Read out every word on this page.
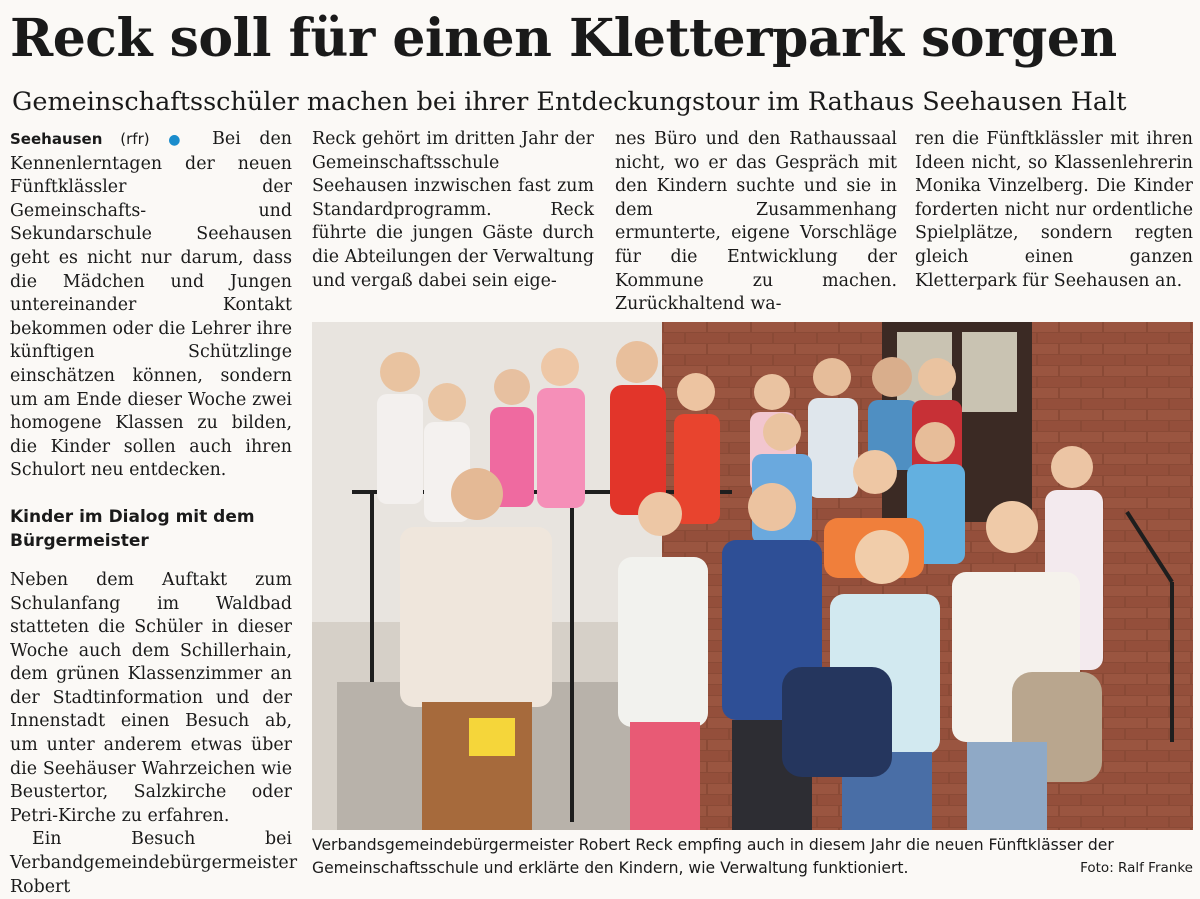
Reck soll für einen Kletterpark sorgen
Gemeinschaftsschüler machen bei ihrer Entdeckungstour im Rathaus Seehausen Halt

Seehausen (rfr) ● Bei den Kennenlerntagen der neuen Fünftklässler der Gemeinschafts- und Sekundarschule Seehausen geht es nicht nur darum, dass die Mädchen und Jungen untereinander Kontakt bekommen oder die Lehrer ihre künftigen Schützlinge einschätzen können, sondern um am Ende dieser Woche zwei homogene Klassen zu bilden, die Kinder sollen auch ihren Schulort neu entdecken.

Kinder im Dialog mit dem Bürgermeister

Neben dem Auftakt zum Schulanfang im Waldbad statteten die Schüler in dieser Woche auch dem Schillerhain, dem grünen Klassenzimmer an der Stadtinformation und der Innenstadt einen Besuch ab, um unter anderem etwas über die Seehäuser Wahrzeichen wie Beustertor, Salzkirche oder Petri-Kirche zu erfahren.

Ein Besuch bei Verbandgemeindebürgermeister Robert

Reck gehört im dritten Jahr der Gemeinschaftsschule Seehausen inzwischen fast zum Standardprogramm. Reck führte die jungen Gäste durch die Abteilungen der Verwaltung und vergaß dabei sein eige-

nes Büro und den Rathaussaal nicht, wo er das Gespräch mit den Kindern suchte und sie in dem Zusammenhang ermunterte, eigene Vorschläge für die Entwicklung der Kommune zu machen. Zurückhaltend wa-

ren die Fünftklässler mit ihren Ideen nicht, so Klassenlehrerin Monika Vinzelberg. Die Kinder forderten nicht nur ordentliche Spielplätze, sondern regten gleich einen ganzen Kletterpark für Seehausen an.

Verbandsgemeindebürgermeister Robert Reck empfing auch in diesem Jahr die neuen Fünftklässer der Gemeinschaftsschule und erklärte den Kindern, wie Verwaltung funktioniert.	Foto: Ralf Franke
